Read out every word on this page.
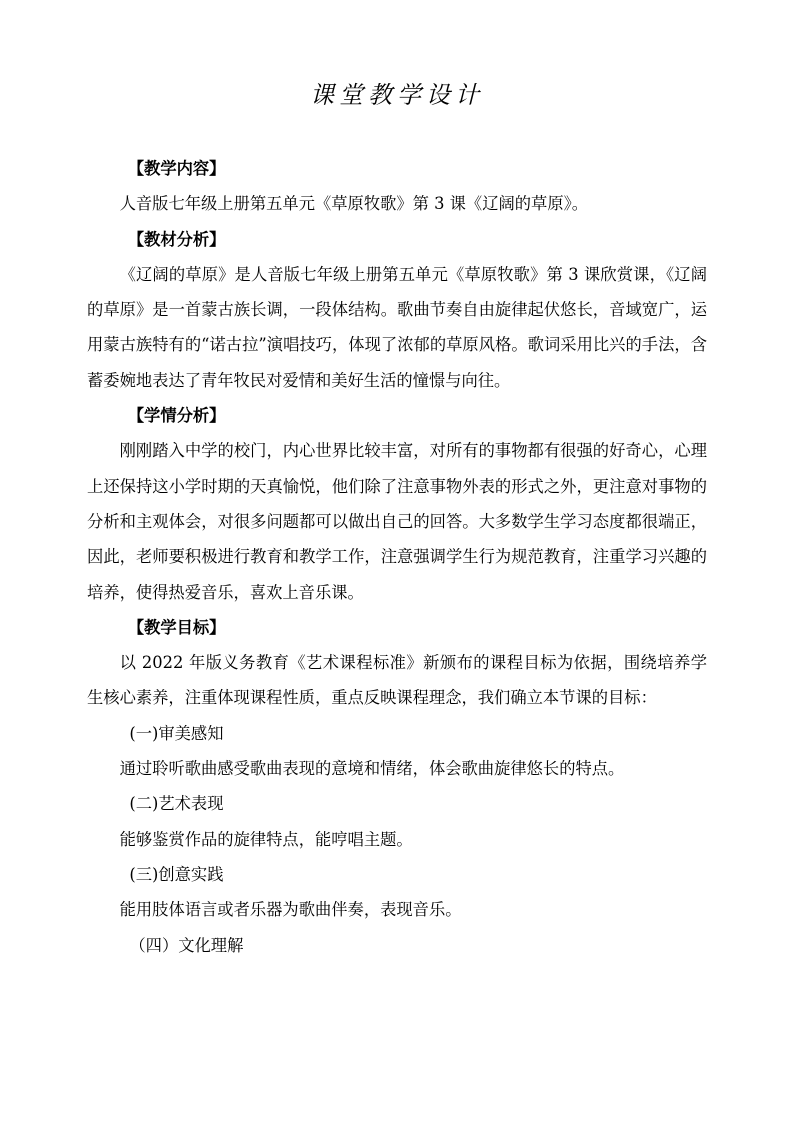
课堂教学设计

【教学内容】

人音版七年级上册第五单元《草原牧歌》第 3 课《辽阔的草原》。

【教材分析】

《辽阔的草原》是人音版七年级上册第五单元《草原牧歌》第 3 课欣赏课，《辽阔的草原》是一首蒙古族长调，一段体结构。歌曲节奏自由旋律起伏悠长，音域宽广，运用蒙古族特有的“诺古拉”演唱技巧，体现了浓郁的草原风格。歌词采用比兴的手法，含蓄委婉地表达了青年牧民对爱情和美好生活的憧憬与向往。

【学情分析】

刚刚踏入中学的校门，内心世界比较丰富，对所有的事物都有很强的好奇心，心理上还保持这小学时期的天真愉悦，他们除了注意事物外表的形式之外，更注意对事物的分析和主观体会，对很多问题都可以做出自己的回答。大多数学生学习态度都很端正，因此，老师要积极进行教育和教学工作，注意强调学生行为规范教育，注重学习兴趣的培养，使得热爱音乐，喜欢上音乐课。

【教学目标】

以 2022 年版义务教育《艺术课程标准》新颁布的课程目标为依据，围绕培养学生核心素养，注重体现课程性质，重点反映课程理念，我们确立本节课的目标：

(一)审美感知

通过聆听歌曲感受歌曲表现的意境和情绪，体会歌曲旋律悠长的特点。

(二)艺术表现

能够鉴赏作品的旋律特点，能哼唱主题。

(三)创意实践

能用肢体语言或者乐器为歌曲伴奏，表现音乐。

（四）文化理解
